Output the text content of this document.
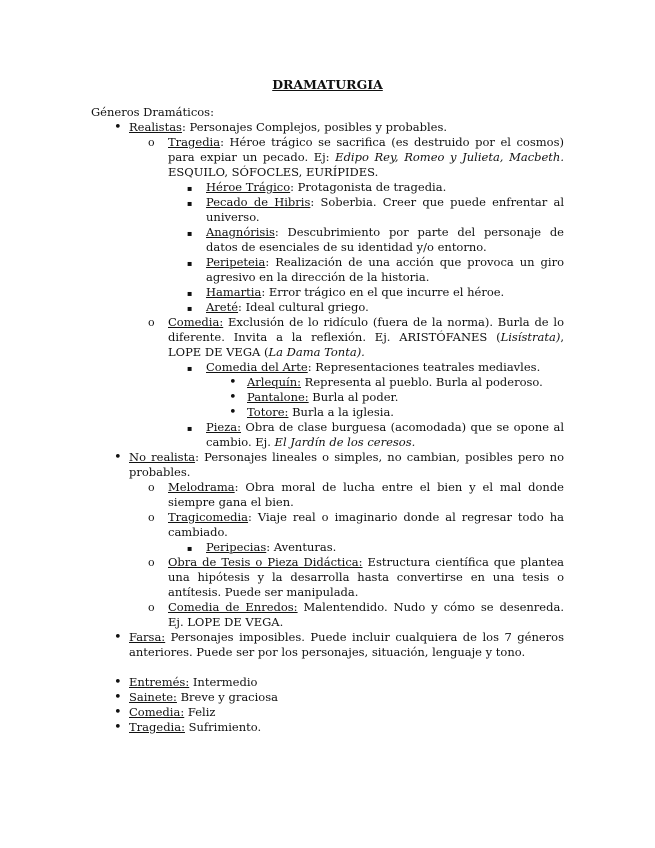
DRAMATURGIA

Géneros Dramáticos:

• Realistas: Personajes Complejos, posibles y probables.
o Tragedia: Héroe trágico se sacrifica (es destruido por el cosmos) para expiar un pecado. Ej: Edipo Rey, Romeo y Julieta, Macbeth. ESQUILO, SÓFOCLES, EURÍPIDES.
▪ Héroe Trágico: Protagonista de tragedia.
▪ Pecado de Hibris: Soberbia. Creer que puede enfrentar al universo.
▪ Anagnórisis: Descubrimiento por parte del personaje de datos de esenciales de su identidad y/o entorno.
▪ Peripeteia: Realización de una acción que provoca un giro agresivo en la dirección de la historia.
▪ Hamartia: Error trágico en el que incurre el héroe.
▪ Areté: Ideal cultural griego.
o Comedia: Exclusión de lo ridículo (fuera de la norma). Burla de lo diferente. Invita a la reflexión. Ej. ARISTÓFANES (Lisístrata), LOPE DE VEGA (La Dama Tonta).
▪ Comedia del Arte: Representaciones teatrales mediavles.
• Arlequín: Representa al pueblo. Burla al poderoso.
• Pantalone: Burla al poder.
• Totore: Burla a la iglesia.
▪ Pieza: Obra de clase burguesa (acomodada) que se opone al cambio. Ej. El Jardín de los ceresos.
• No realista: Personajes lineales o simples, no cambian, posibles pero no probables.
o Melodrama: Obra moral de lucha entre el bien y el mal donde siempre gana el bien.
o Tragicomedia: Viaje real o imaginario donde al regresar todo ha cambiado.
▪ Peripecias: Aventuras.
o Obra de Tesis o Pieza Didáctica: Estructura científica que plantea una hipótesis y la desarrolla hasta convertirse en una tesis o antítesis. Puede ser manipulada.
o Comedia de Enredos: Malentendido. Nudo y cómo se desenreda. Ej. LOPE DE VEGA.
• Farsa: Personajes imposibles. Puede incluir cualquiera de los 7 géneros anteriores. Puede ser por los personajes, situación, lenguaje y tono.
• Entremés: Intermedio
• Sainete: Breve y graciosa
• Comedia: Feliz
• Tragedia: Sufrimiento.
